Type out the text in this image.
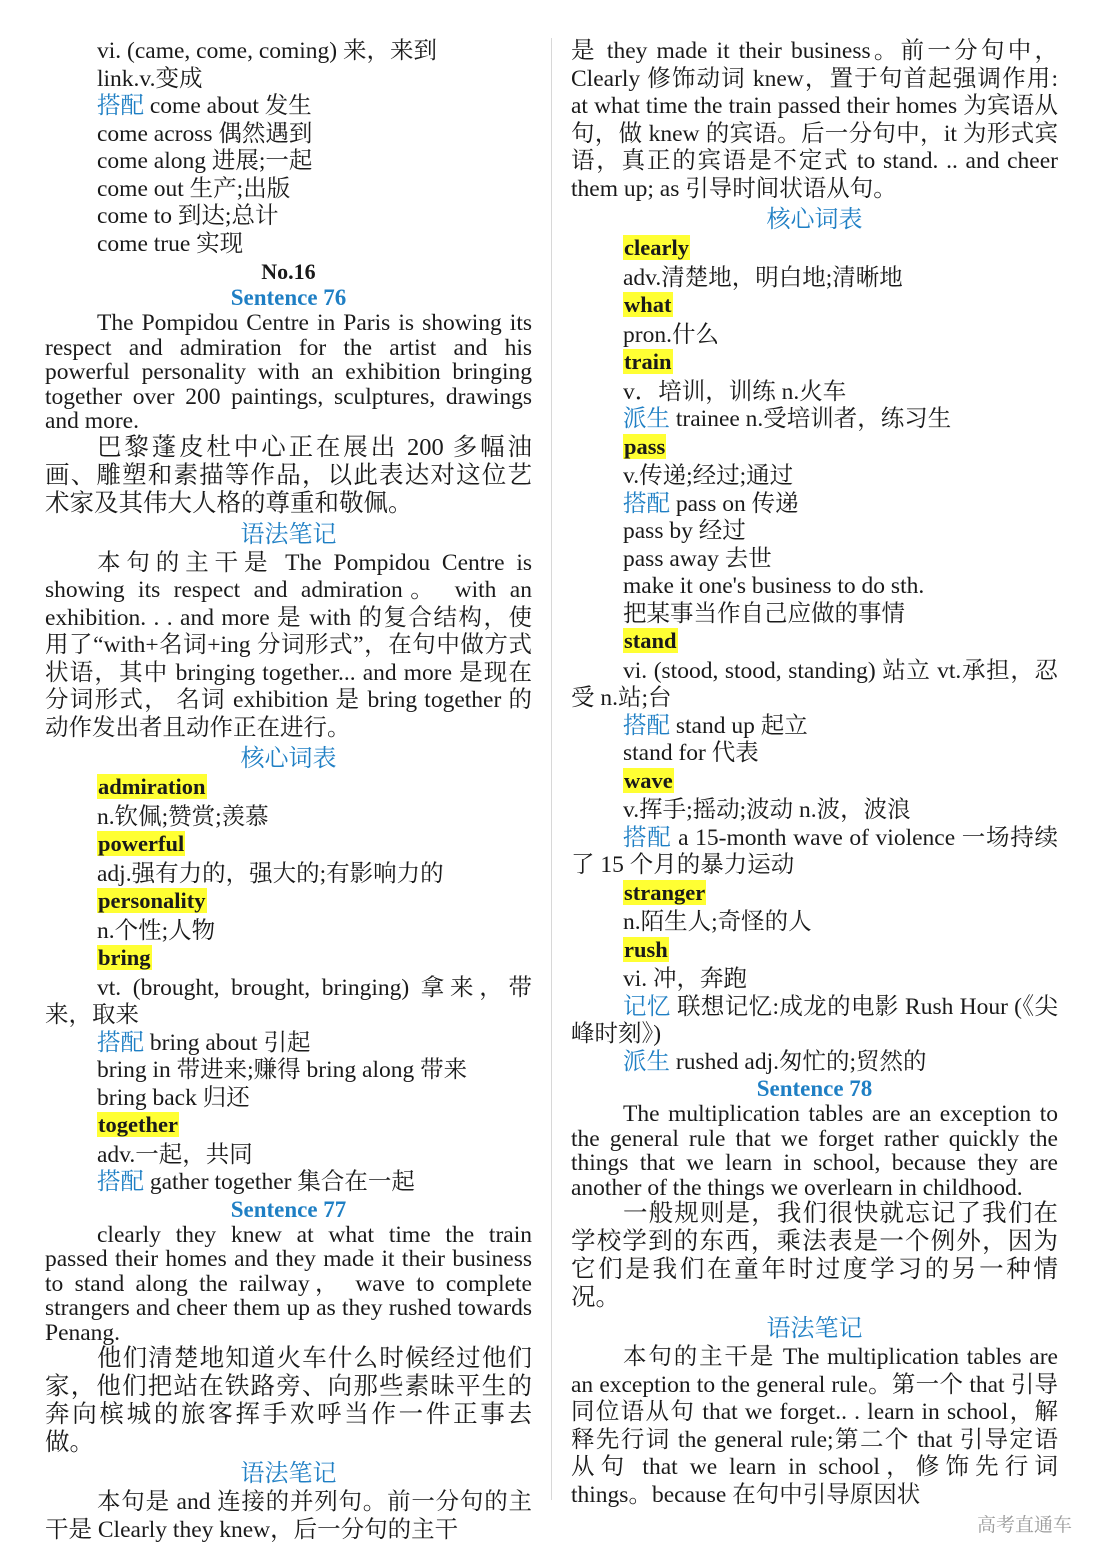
vi. (came, come, coming) 来，来到
link.v.变成
搭配 come about 发生
come across 偶然遇到
come along 进展;一起
come out 生产;出版
come to 到达;总计
come true 实现
No.16
Sentence 76
The Pompidou Centre in Paris is showing its respect and admiration for the artist and his powerful personality with an exhibition bringing together over 200 paintings, sculptures, drawings and more.
巴黎蓬皮杜中心正在展出 200 多幅油画、雕塑和素描等作品，以此表达对这位艺术家及其伟大人格的尊重和敬佩。
语法笔记
本句的主干是 The Pompidou Centre is showing its respect and admiration。 with an exhibition. . . and more 是 with 的复合结构，使用了“with+名词+ing 分词形式”，在句中做方式状语，其中 bringing together... and more 是现在分词形式， 名词 exhibition 是 bring together 的动作发出者且动作正在进行。
核心词表
admiration
n.钦佩;赞赏;羡慕
powerful
adj.强有力的，强大的;有影响力的
personality
n.个性;人物
bring
vt. (brought, brought, bringing) 拿来，带来，取来
搭配 bring about 引起
bring in 带进来;赚得 bring along 带来
bring back 归还
together
adv.一起，共同
搭配 gather together 集合在一起
Sentence 77
clearly they knew at what time the train passed their homes and they made it their business to stand along the railway， wave to complete strangers and cheer them up as they rushed towards Penang.
他们清楚地知道火车什么时候经过他们家，他们把站在铁路旁、向那些素昧平生的奔向槟城的旅客挥手欢呼当作一件正事去做。
语法笔记
本句是 and 连接的并列句。前一分句的主干是 Clearly they knew，后一分句的主干
是 they made it their business。前一分句中，Clearly 修饰动词 knew，置于句首起强调作用: at what time the train passed their homes 为宾语从句，做 knew 的宾语。后一分句中，it 为形式宾语，真正的宾语是不定式 to stand. .. and cheer them up; as 引导时间状语从句。
核心词表
clearly
adv.清楚地，明白地;清晰地
what
pron.什么
train
v．培训，训练 n.火车
派生 trainee n.受培训者，练习生
pass
v.传递;经过;通过
搭配 pass on 传递
pass by 经过
pass away 去世
make it one's business to do sth.
把某事当作自己应做的事情
stand
vi. (stood, stood, standing) 站立 vt.承担，忍受 n.站;台
搭配 stand up 起立
stand for 代表
wave
v.挥手;摇动;波动 n.波，波浪
搭配 a 15-month wave of violence 一场持续了 15 个月的暴力运动
stranger
n.陌生人;奇怪的人
rush
vi. 冲，奔跑
记忆 联想记忆:成龙的电影 Rush Hour (《尖峰时刻》)
派生 rushed adj.匆忙的;贸然的
Sentence 78
The multiplication tables are an exception to the general rule that we forget rather quickly the things that we learn in school, because they are another of the things we overlearn in childhood.
一般规则是，我们很快就忘记了我们在学校学到的东西，乘法表是一个例外，因为它们是我们在童年时过度学习的另一种情况。
语法笔记
本句的主干是 The multiplication tables are an exception to the general rule。第一个 that 引导同位语从句 that we forget.. . learn in school，解释先行词 the general rule;第二个 that 引导定语从句 that we learn in school，修饰先行词 things。because 在句中引导原因状
高考直通车
